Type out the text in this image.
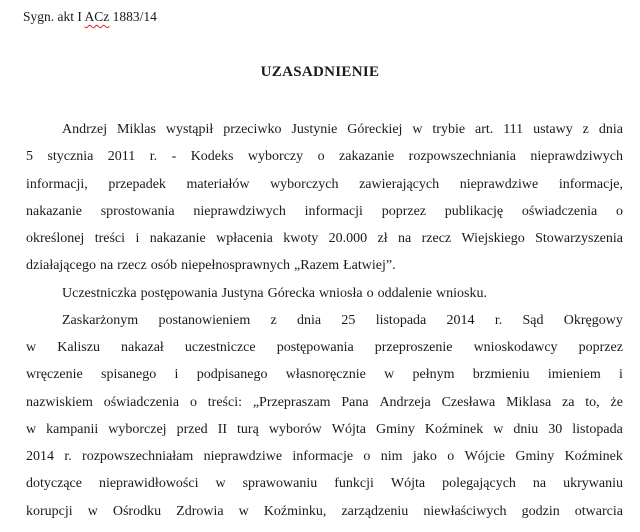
Sygn. akt I ACz 1883/14
UZASADNIENIE
Andrzej Miklas wystąpił przeciwko Justynie Góreckiej w trybie art. 111 ustawy z dnia
5 stycznia 2011 r. - Kodeks wyborczy o zakazanie rozpowszechniania nieprawdziwych
informacji, przepadek materiałów wyborczych zawierających nieprawdziwe informacje,
nakazanie sprostowania nieprawdziwych informacji poprzez publikację oświadczenia o
określonej treści i nakazanie wpłacenia kwoty 20.000 zł na rzecz Wiejskiego Stowarzyszenia
działającego na rzecz osób niepełnosprawnych „Razem Łatwiej”.
Uczestniczka postępowania Justyna Górecka wniosła o oddalenie wniosku.
Zaskarżonym postanowieniem z dnia 25 listopada 2014 r. Sąd Okręgowy
w Kaliszu nakazał uczestniczce postępowania przeproszenie wnioskodawcy poprzez
wręczenie spisanego i podpisanego własnoręcznie w pełnym brzmieniu imieniem i
nazwiskiem oświadczenia o treści: „Przepraszam Pana Andrzeja Czesława Miklasa za to, że
w kampanii wyborczej przed II turą wyborów Wójta Gminy Koźminek w dniu 30 listopada
2014 r. rozpowszechniałam nieprawdziwe informacje o nim jako o Wójcie Gminy Koźminek
dotyczące nieprawidłowości w sprawowaniu funkcji Wójta polegających na ukrywaniu
korupcji w Ośrodku Zdrowia w Koźminku, zarządzeniu niewłaściwych godzin otwarcia
